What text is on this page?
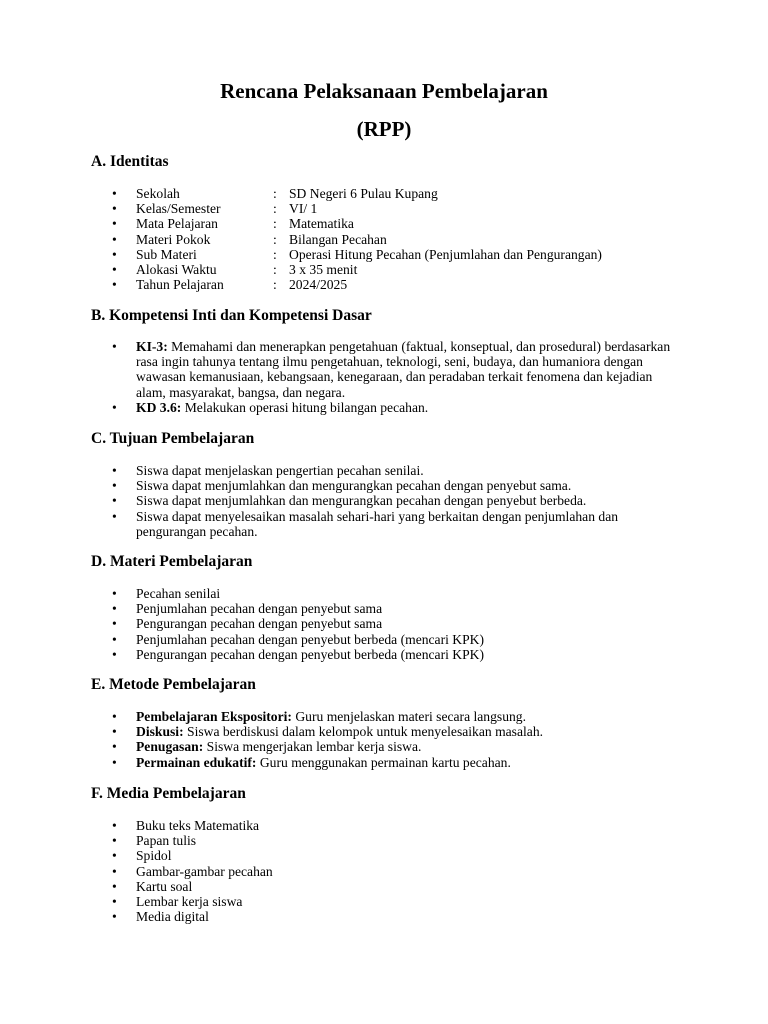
Rencana Pelaksanaan Pembelajaran
(RPP)
A. Identitas
• Sekolah	: SD Negeri 6 Pulau Kupang
• Kelas/Semester	: VI/ 1
• Mata Pelajaran	: Matematika
• Materi Pokok	: Bilangan Pecahan
• Sub Materi	: Operasi Hitung Pecahan (Penjumlahan dan Pengurangan)
• Alokasi Waktu	: 3 x 35 menit
• Tahun Pelajaran	: 2024/2025
B. Kompetensi Inti dan Kompetensi Dasar
• KI-3: Memahami dan menerapkan pengetahuan (faktual, konseptual, dan prosedural) berdasarkan rasa ingin tahunya tentang ilmu pengetahuan, teknologi, seni, budaya, dan humaniora dengan wawasan kemanusiaan, kebangsaan, kenegaraan, dan peradaban terkait fenomena dan kejadian alam, masyarakat, bangsa, dan negara.
• KD 3.6: Melakukan operasi hitung bilangan pecahan.
C. Tujuan Pembelajaran
• Siswa dapat menjelaskan pengertian pecahan senilai.
• Siswa dapat menjumlahkan dan mengurangkan pecahan dengan penyebut sama.
• Siswa dapat menjumlahkan dan mengurangkan pecahan dengan penyebut berbeda.
• Siswa dapat menyelesaikan masalah sehari-hari yang berkaitan dengan penjumlahan dan pengurangan pecahan.
D. Materi Pembelajaran
• Pecahan senilai
• Penjumlahan pecahan dengan penyebut sama
• Pengurangan pecahan dengan penyebut sama
• Penjumlahan pecahan dengan penyebut berbeda (mencari KPK)
• Pengurangan pecahan dengan penyebut berbeda (mencari KPK)
E. Metode Pembelajaran
• Pembelajaran Ekspositori: Guru menjelaskan materi secara langsung.
• Diskusi: Siswa berdiskusi dalam kelompok untuk menyelesaikan masalah.
• Penugasan: Siswa mengerjakan lembar kerja siswa.
• Permainan edukatif: Guru menggunakan permainan kartu pecahan.
F. Media Pembelajaran
• Buku teks Matematika
• Papan tulis
• Spidol
• Gambar-gambar pecahan
• Kartu soal
• Lembar kerja siswa
• Media digital
